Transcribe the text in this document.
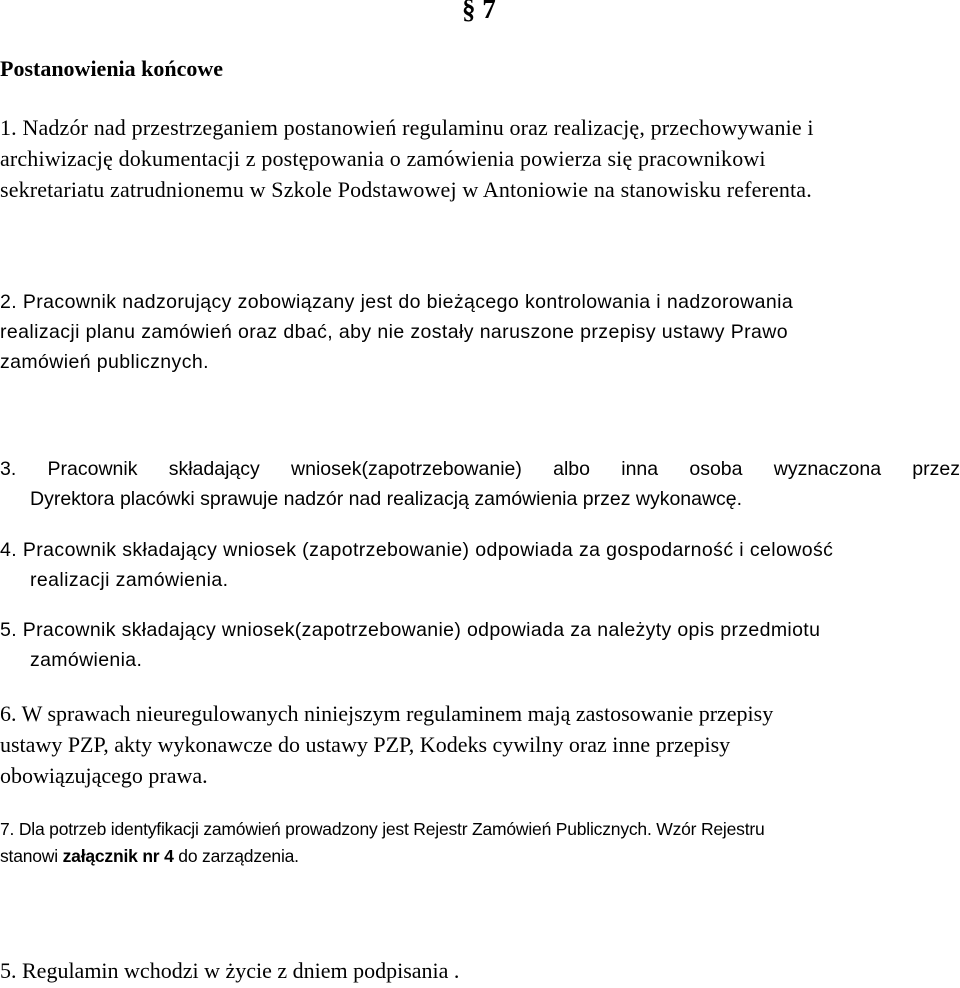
§ 7
Postanowienia końcowe
1. Nadzór nad przestrzeganiem postanowień regulaminu oraz realizację, przechowywanie i
archiwizację dokumentacji z postępowania o zamówienia powierza się pracownikowi
sekretariatu zatrudnionemu w Szkole Podstawowej w Antoniowie na stanowisku referenta.
2. Pracownik nadzorujący zobowiązany jest do bieżącego kontrolowania i nadzorowania
realizacji planu zamówień oraz dbać, aby nie zostały naruszone przepisy ustawy Prawo
zamówień publicznych.
3. Pracownik składający wniosek(zapotrzebowanie) albo inna osoba wyznaczona przez
Dyrektora placówki sprawuje nadzór nad realizacją zamówienia przez wykonawcę.
4. Pracownik składający wniosek (zapotrzebowanie) odpowiada za gospodarność i celowość
realizacji zamówienia.
5. Pracownik składający wniosek(zapotrzebowanie) odpowiada za należyty opis przedmiotu
zamówienia.
6. W sprawach nieuregulowanych niniejszym regulaminem mają zastosowanie przepisy
ustawy PZP, akty wykonawcze do ustawy PZP, Kodeks cywilny oraz inne przepisy
obowiązującego prawa.
7. Dla potrzeb identyfikacji zamówień prowadzony jest Rejestr Zamówień Publicznych. Wzór Rejestru
stanowi załącznik nr 4 do zarządzenia.
5. Regulamin wchodzi w życie z dniem podpisania .
